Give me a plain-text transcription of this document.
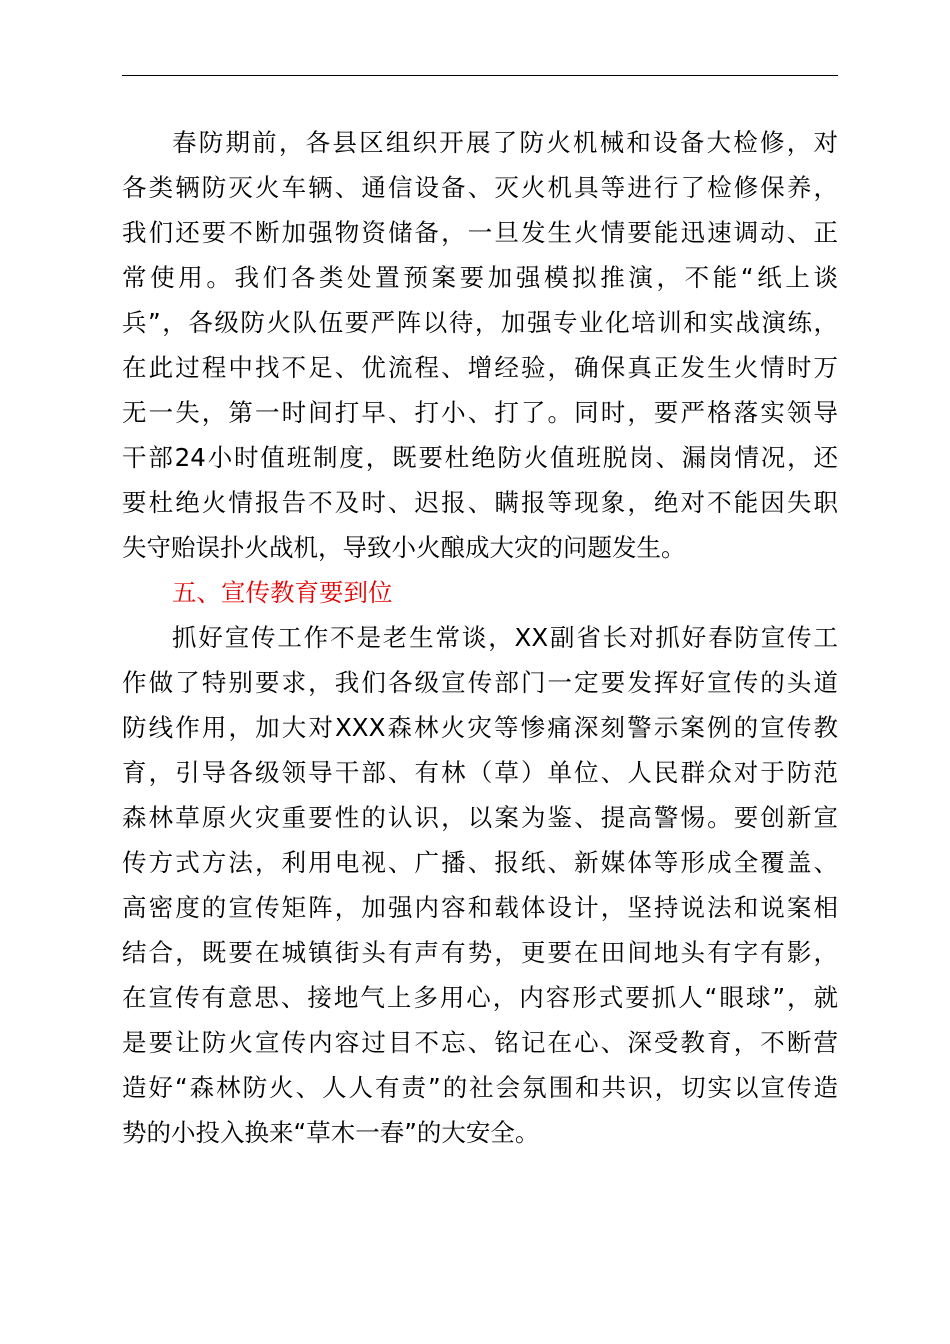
春防期前，各县区组织开展了防火机械和设备大检修，对
各类辆防灭火车辆、通信设备、灭火机具等进行了检修保养，
我们还要不断加强物资储备，一旦发生火情要能迅速调动、正
常使用。我们各类处置预案要加强模拟推演，不能“纸上谈
兵”，各级防火队伍要严阵以待，加强专业化培训和实战演练，
在此过程中找不足、优流程、增经验，确保真正发生火情时万
无一失，第一时间打早、打小、打了。同时，要严格落实领导
干部24小时值班制度，既要杜绝防火值班脱岗、漏岗情况，还
要杜绝火情报告不及时、迟报、瞒报等现象，绝对不能因失职
失守贻误扑火战机，导致小火酿成大灾的问题发生。
五、宣传教育要到位
抓好宣传工作不是老生常谈，XX副省长对抓好春防宣传工
作做了特别要求，我们各级宣传部门一定要发挥好宣传的头道
防线作用，加大对XXX森林火灾等惨痛深刻警示案例的宣传教
育，引导各级领导干部、有林（草）单位、人民群众对于防范
森林草原火灾重要性的认识，以案为鉴、提高警惕。要创新宣
传方式方法，利用电视、广播、报纸、新媒体等形成全覆盖、
高密度的宣传矩阵，加强内容和载体设计，坚持说法和说案相
结合，既要在城镇街头有声有势，更要在田间地头有字有影，
在宣传有意思、接地气上多用心，内容形式要抓人“眼球”，就
是要让防火宣传内容过目不忘、铭记在心、深受教育，不断营
造好“森林防火、人人有责”的社会氛围和共识，切实以宣传造
势的小投入换来“草木一春”的大安全。
